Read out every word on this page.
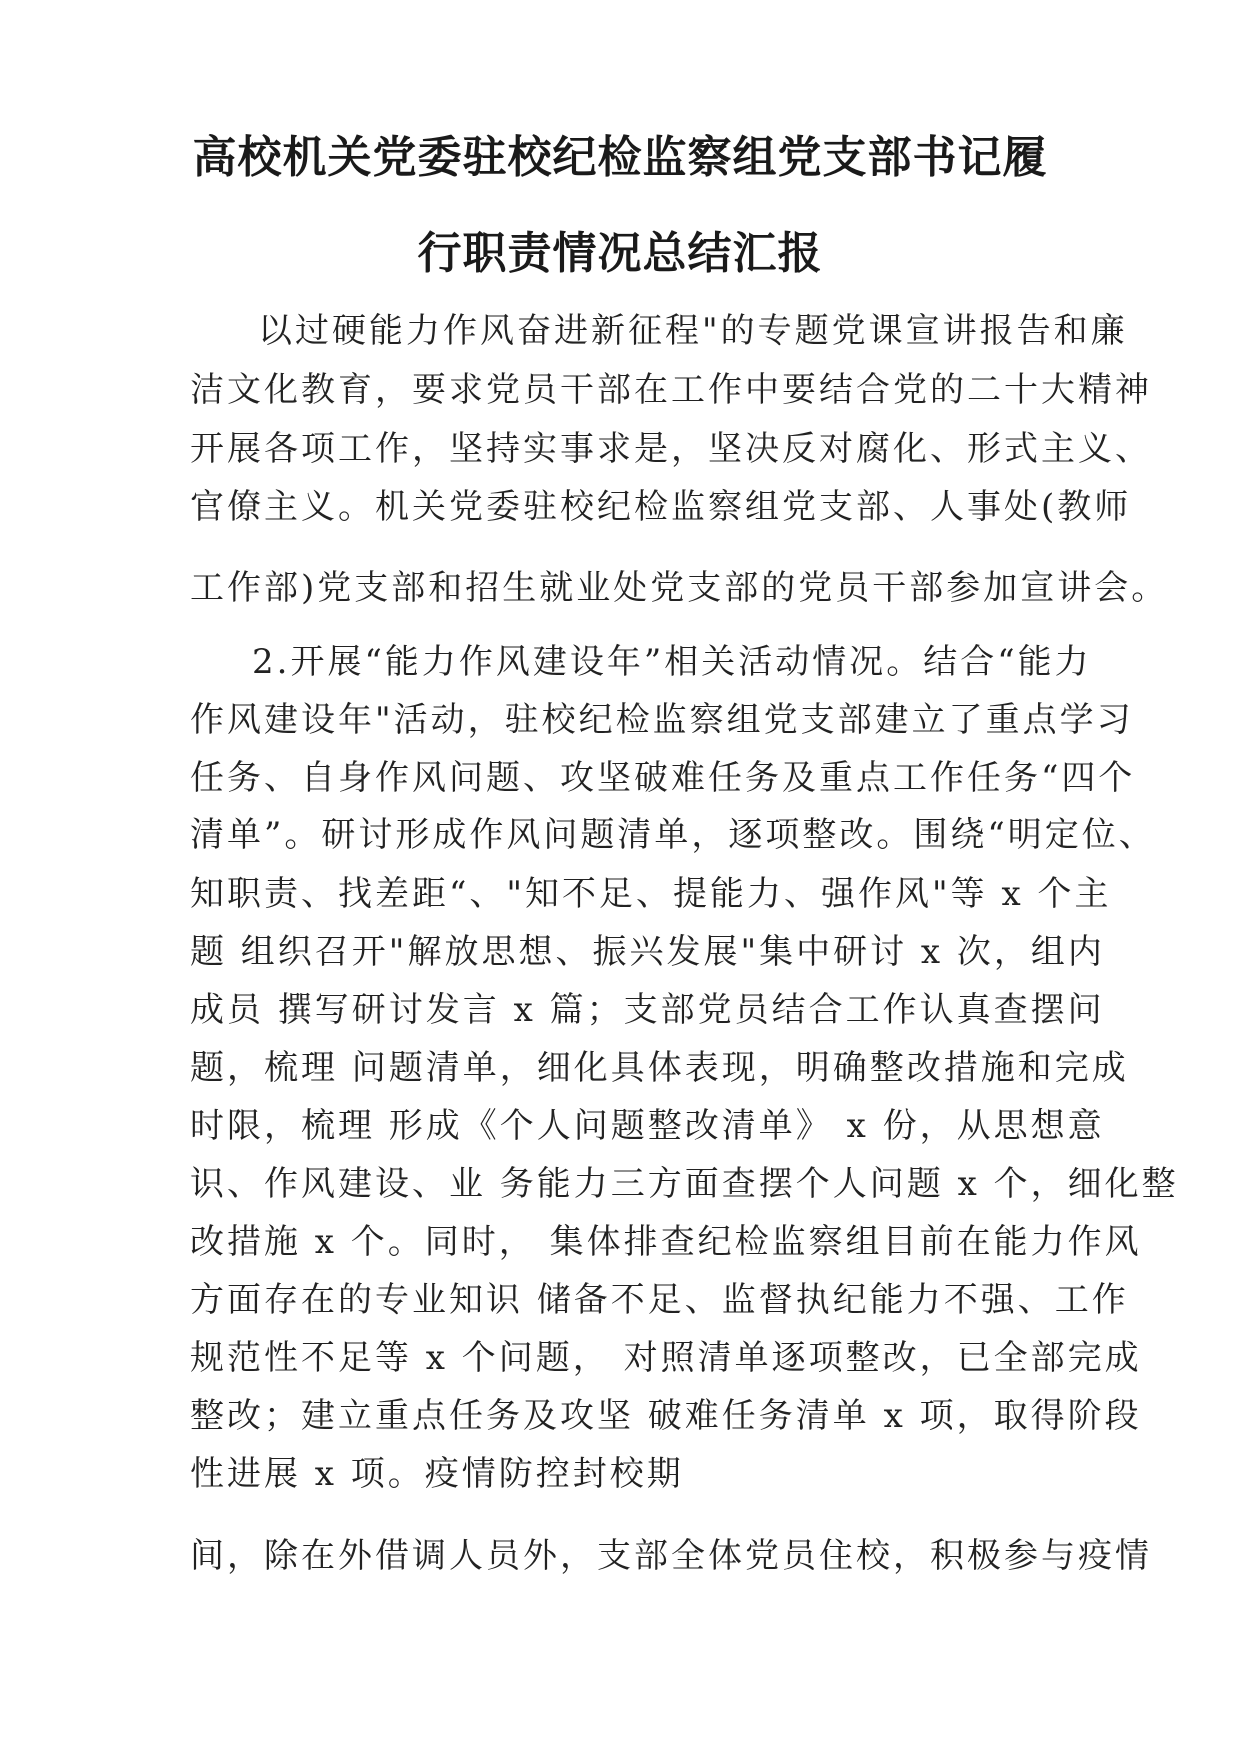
高校机关党委驻校纪检监察组党支部书记履
行职责情况总结汇报
以过硬能力作风奋进新征程"的专题党课宣讲报告和廉
洁文化教育，要求党员干部在工作中要结合党的二十大精神
开展各项工作，坚持实事求是，坚决反对腐化、形式主义、
官僚主义。机关党委驻校纪检监察组党支部、人事处(教师
工作部)党支部和招生就业处党支部的党员干部参加宣讲会。
2.开展“能力作风建设年”相关活动情况。结合“能力
作风建设年"活动，驻校纪检监察组党支部建立了重点学习
任务、自身作风问题、攻坚破难任务及重点工作任务“四个
清单”。研讨形成作风问题清单，逐项整改。围绕“明定位、
知职责、找差距“、"知不足、提能力、强作风"等 x 个主
题 组织召开"解放思想、振兴发展"集中研讨 x 次，组内
成员 撰写研讨发言 x 篇；支部党员结合工作认真查摆问
题，梳理 问题清单，细化具体表现，明确整改措施和完成
时限，梳理 形成《个人问题整改清单》 x 份，从思想意
识、作风建设、业 务能力三方面查摆个人问题 x 个，细化整
改措施 x 个。同时， 集体排查纪检监察组目前在能力作风
方面存在的专业知识 储备不足、监督执纪能力不强、工作
规范性不足等 x 个问题， 对照清单逐项整改，已全部完成
整改；建立重点任务及攻坚 破难任务清单 x 项，取得阶段
性进展 x 项。疫情防控封校期
间，除在外借调人员外，支部全体党员住校，积极参与疫情
